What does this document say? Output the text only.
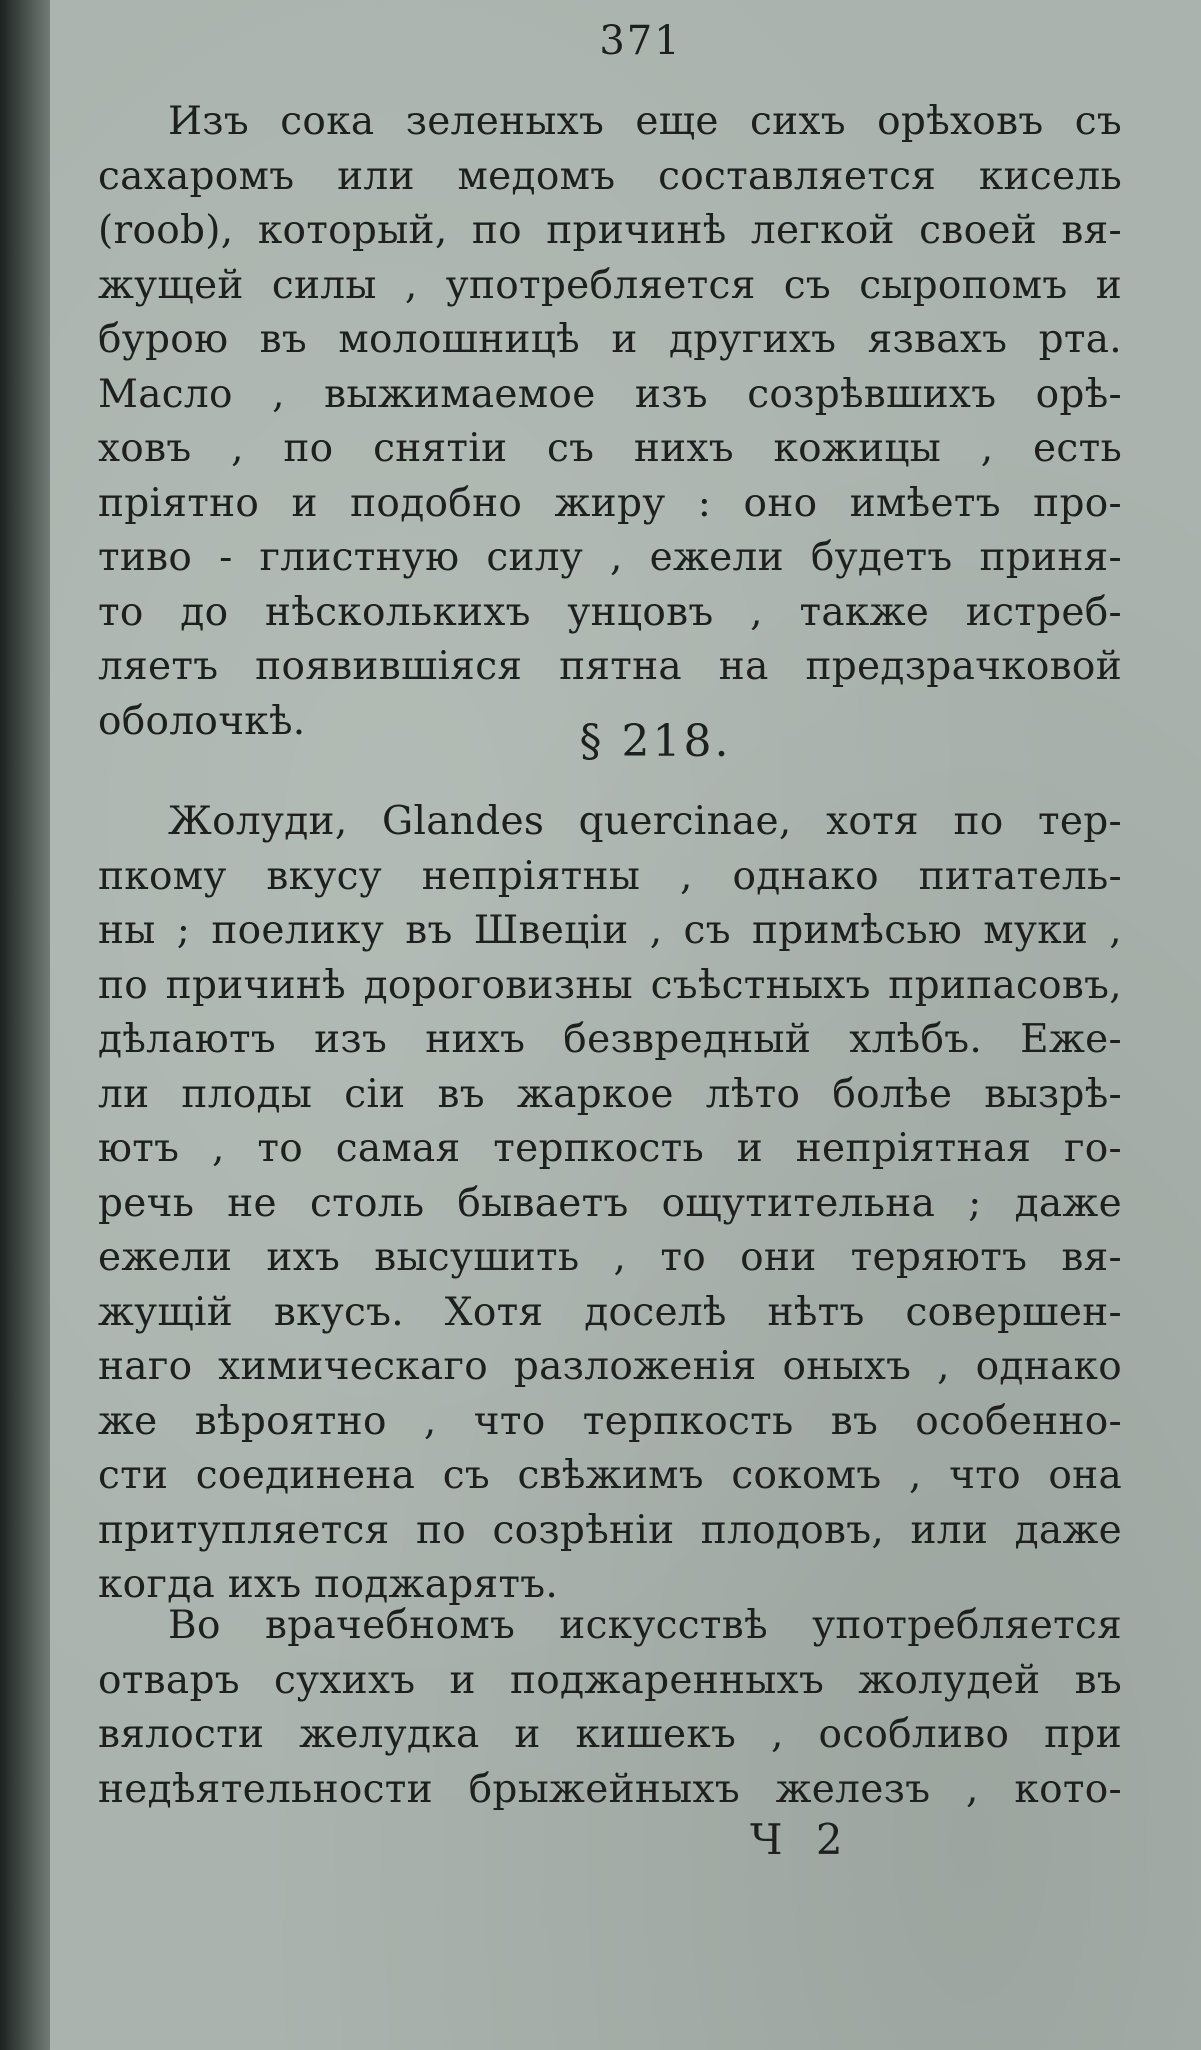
371
Изъ сока зеленыхъ еще сихъ орѣховъ съ
сахаромъ или медомъ составляется кисель
(roob), который, по причинѣ легкой своей вя-
жущей силы , употребляется съ сыропомъ и
бурою въ молошницѣ и другихъ язвахъ рта.
Масло , выжимаемое изъ созрѣвшихъ орѣ-
ховъ , по снятіи съ нихъ кожицы , есть
пріятно и подобно жиру : оно имѣетъ про-
тиво - глистную силу , ежели будетъ приня-
то до нѣсколькихъ унцовъ , также истреб-
ляетъ появившіяся пятна на предзрачковой
оболочкѣ.	§ 218.
Жолуди, Glandes quercinae, хотя по тер-
пкому вкусу непріятны , однако питатель-
ны ; поелику въ Швеціи , съ примѣсью муки ,
по причинѣ дороговизны съѣстныхъ припасовъ,
дѣлаютъ изъ нихъ безвредный хлѣбъ. Еже-
ли плоды сіи въ жаркое лѣто болѣе вызрѣ-
ютъ , то самая терпкость и непріятная го-
речь не столь бываетъ ощутительна ; даже
ежели ихъ высушить , то они теряютъ вя-
жущій вкусъ. Хотя доселѣ нѣтъ совершен-
наго химическаго разложенія оныхъ , однако
же вѣроятно , что терпкость въ особенно-
сти соединена съ свѣжимъ сокомъ , что она
притупляется по созрѣніи плодовъ, или даже
когда ихъ поджарятъ.
Во врачебномъ искусствѣ употребляется
отваръ сухихъ и поджаренныхъ жолудей въ
вялости желудка и кишекъ , особливо при
недѣятельности брыжейныхъ железъ , кото-
Ч 2
